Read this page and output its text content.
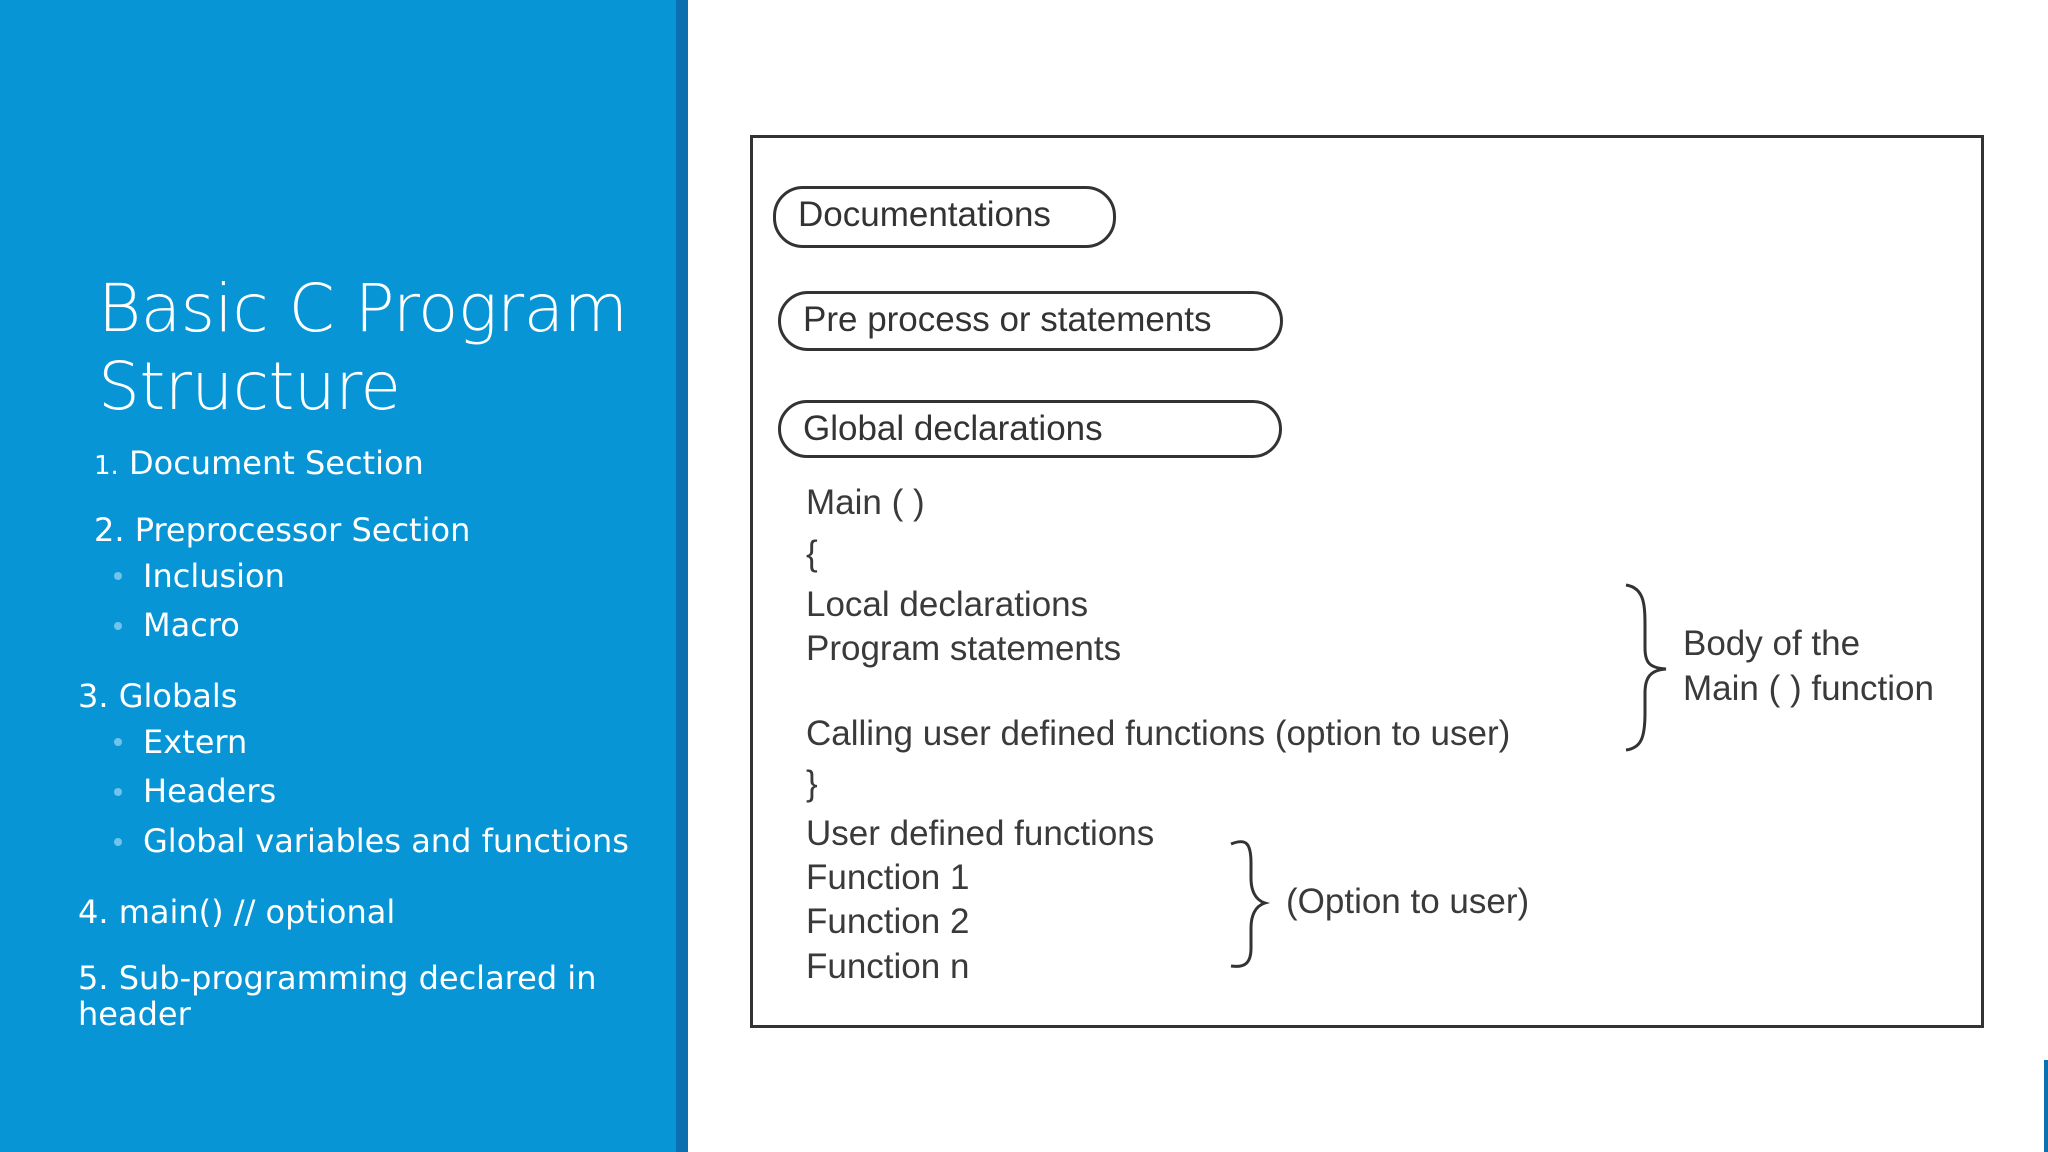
Basic C Program
Structure
1. Document Section
2. Preprocessor Section
Inclusion
Macro
3. Globals
Extern
Headers
Global variables and functions
4. main() // optional
5. Sub-programming declared in header
Documentations
Pre process or statements
Global declarations
Main ( )
{
Local declarations
Program statements
Calling user defined functions (option to user)
}
User defined functions
Function 1
Function 2
Function n
Body of the
Main ( ) function
(Option to user)
